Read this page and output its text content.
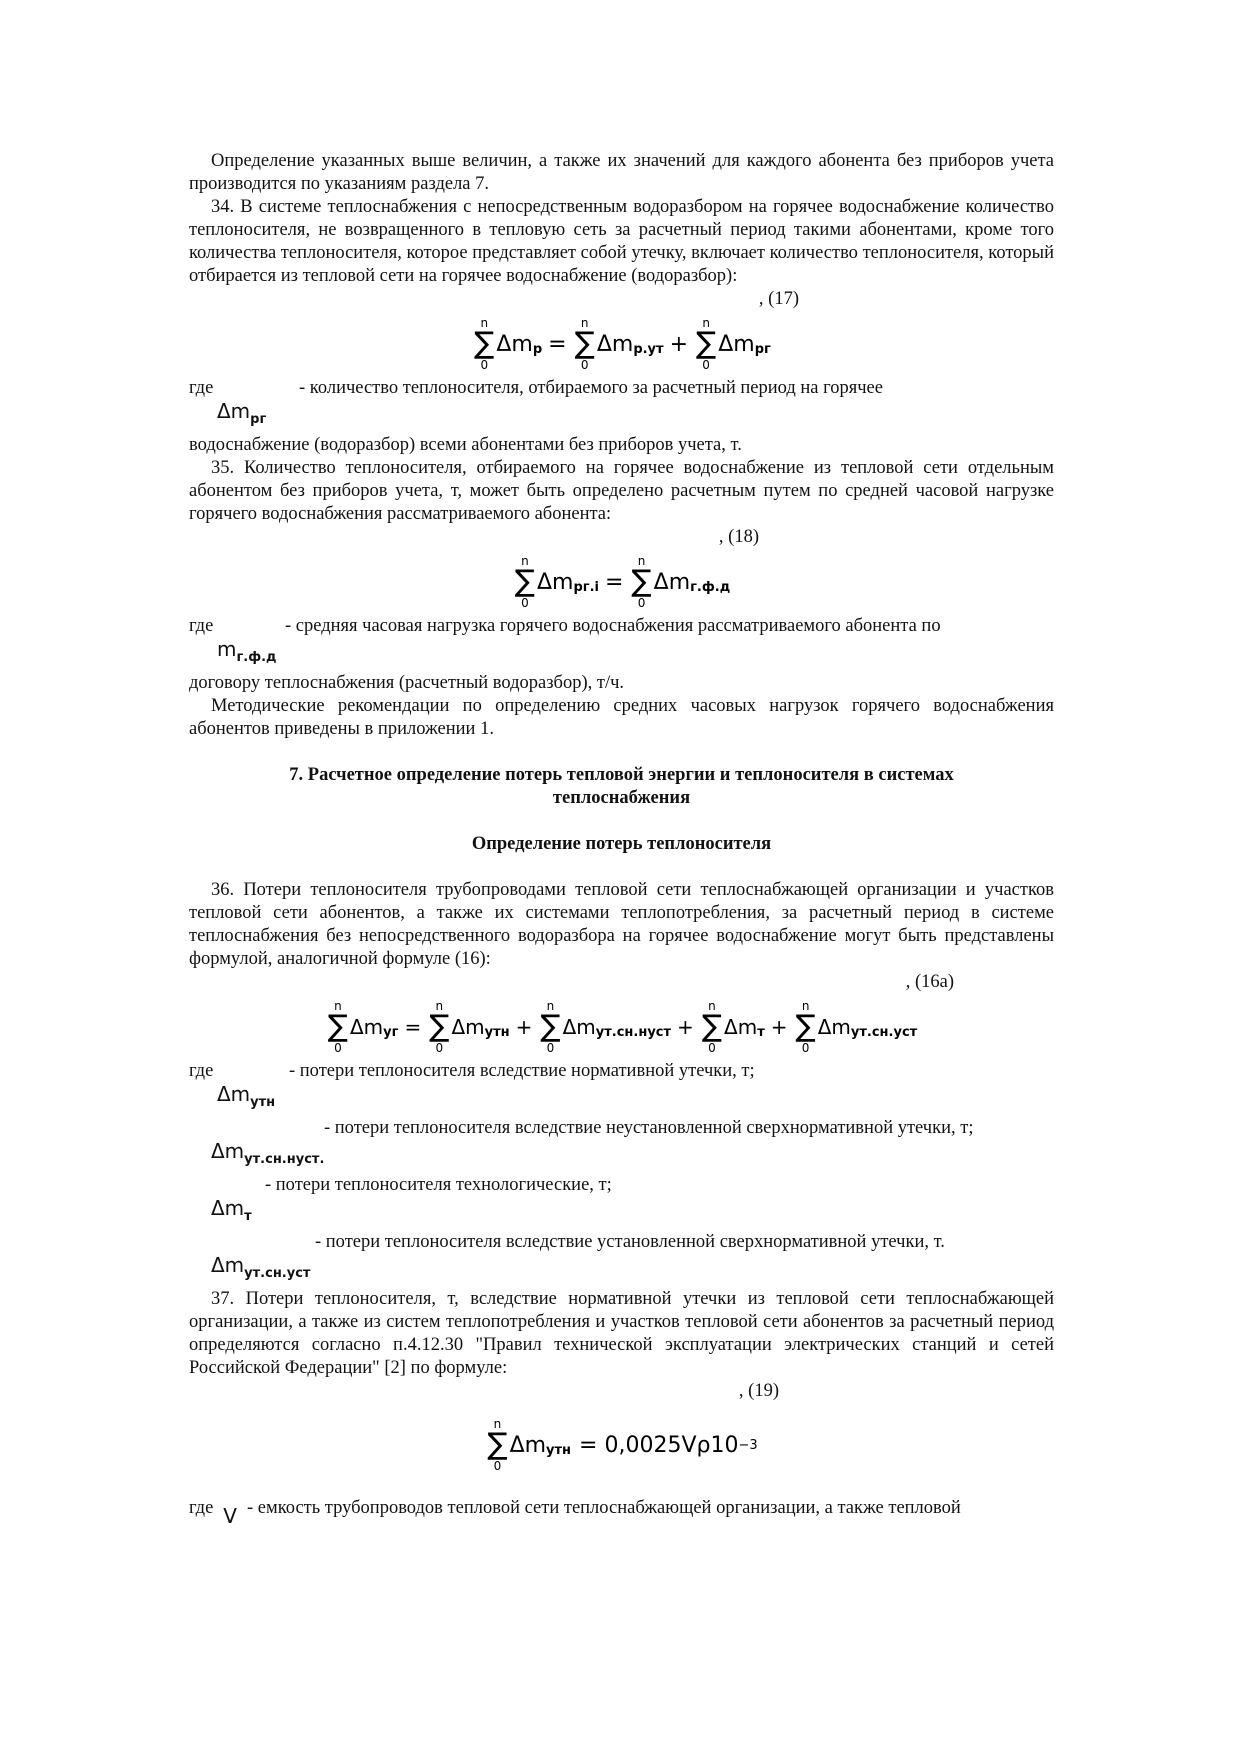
Определение указанных выше величин, а также их значений для каждого абонента без приборов учета производится по указаниям раздела 7.

34. В системе теплоснабжения с непосредственным водоразбором на горячее водоснабжение количество теплоносителя, не возвращенного в тепловую сеть за расчетный период такими абонентами, кроме того количества теплоносителя, которое представляет собой утечку, включает количество теплоносителя, который отбирается из тепловой сети на горячее водоснабжение (водоразбор):

, (17)
n
∑
0
Δm р =
n
∑
0
Δm р.ут +
n
∑
0
Δm рг
где	- количество теплоносителя, отбираемого за расчетный период на горячее

$\Delta m_{рг}$

водоснабжение (водоразбор) всеми абонентами без приборов учета, т.

35. Количество теплоносителя, отбираемого на горячее водоснабжение из тепловой сети отдельным абонентом без приборов учета, т, может быть определено расчетным путем по средней часовой нагрузке горячего водоснабжения рассматриваемого абонента:

, (18)
n
∑
0
Δm рг.i =
n
∑
0
Δm г.ф.д
где	- средняя часовая нагрузка горячего водоснабжения рассматриваемого абонента по

$m_{г.ф.д}$

договору теплоснабжения (расчетный водоразбор), т/ч.

Методические рекомендации по определению средних часовых нагрузок горячего водоснабжения абонентов приведены в приложении 1.

7. Расчетное определение потерь тепловой энергии и теплоносителя в системах теплоснабжения
Определение потерь теплоносителя

36. Потери теплоносителя трубопроводами тепловой сети теплоснабжающей организации и участков тепловой сети абонентов, а также их системами теплопотребления, за расчетный период в системе теплоснабжения без непосредственного водоразбора на горячее водоснабжение могут быть представлены формулой, аналогичной формуле (16):

, (16а)
n
∑
0
Δm уг =
n
∑
0
Δm утн +
n
∑
0
Δm ут.сн.нуст +
n
∑
0
Δm т +
n
∑
0
Δm ут.сн.уст
где	- потери теплоносителя вследствие нормативной утечки, т;
$\Delta m_{утн}$
- потери теплоносителя вследствие неустановленной сверхнормативной утечки, т;
$\Delta m_{ут.сн.нуст.}$
- потери теплоносителя технологические, т;
$\Delta m_т$
- потери теплоносителя вследствие установленной сверхнормативной утечки, т.
$\Delta m_{ут.сн.уст}$

37. Потери теплоносителя, т, вследствие нормативной утечки из тепловой сети теплоснабжающей организации, а также из систем теплопотребления и участков тепловой сети абонентов за расчетный период определяются согласно п.4.12.30 "Правил технической эксплуатации электрических станций и сетей Российской Федерации" [2] по формуле:

, (19)
n
∑
0
Δm утн = 0,0025Vρ10 −3
где V - емкость трубопроводов тепловой сети теплоснабжающей организации, а также тепловой
